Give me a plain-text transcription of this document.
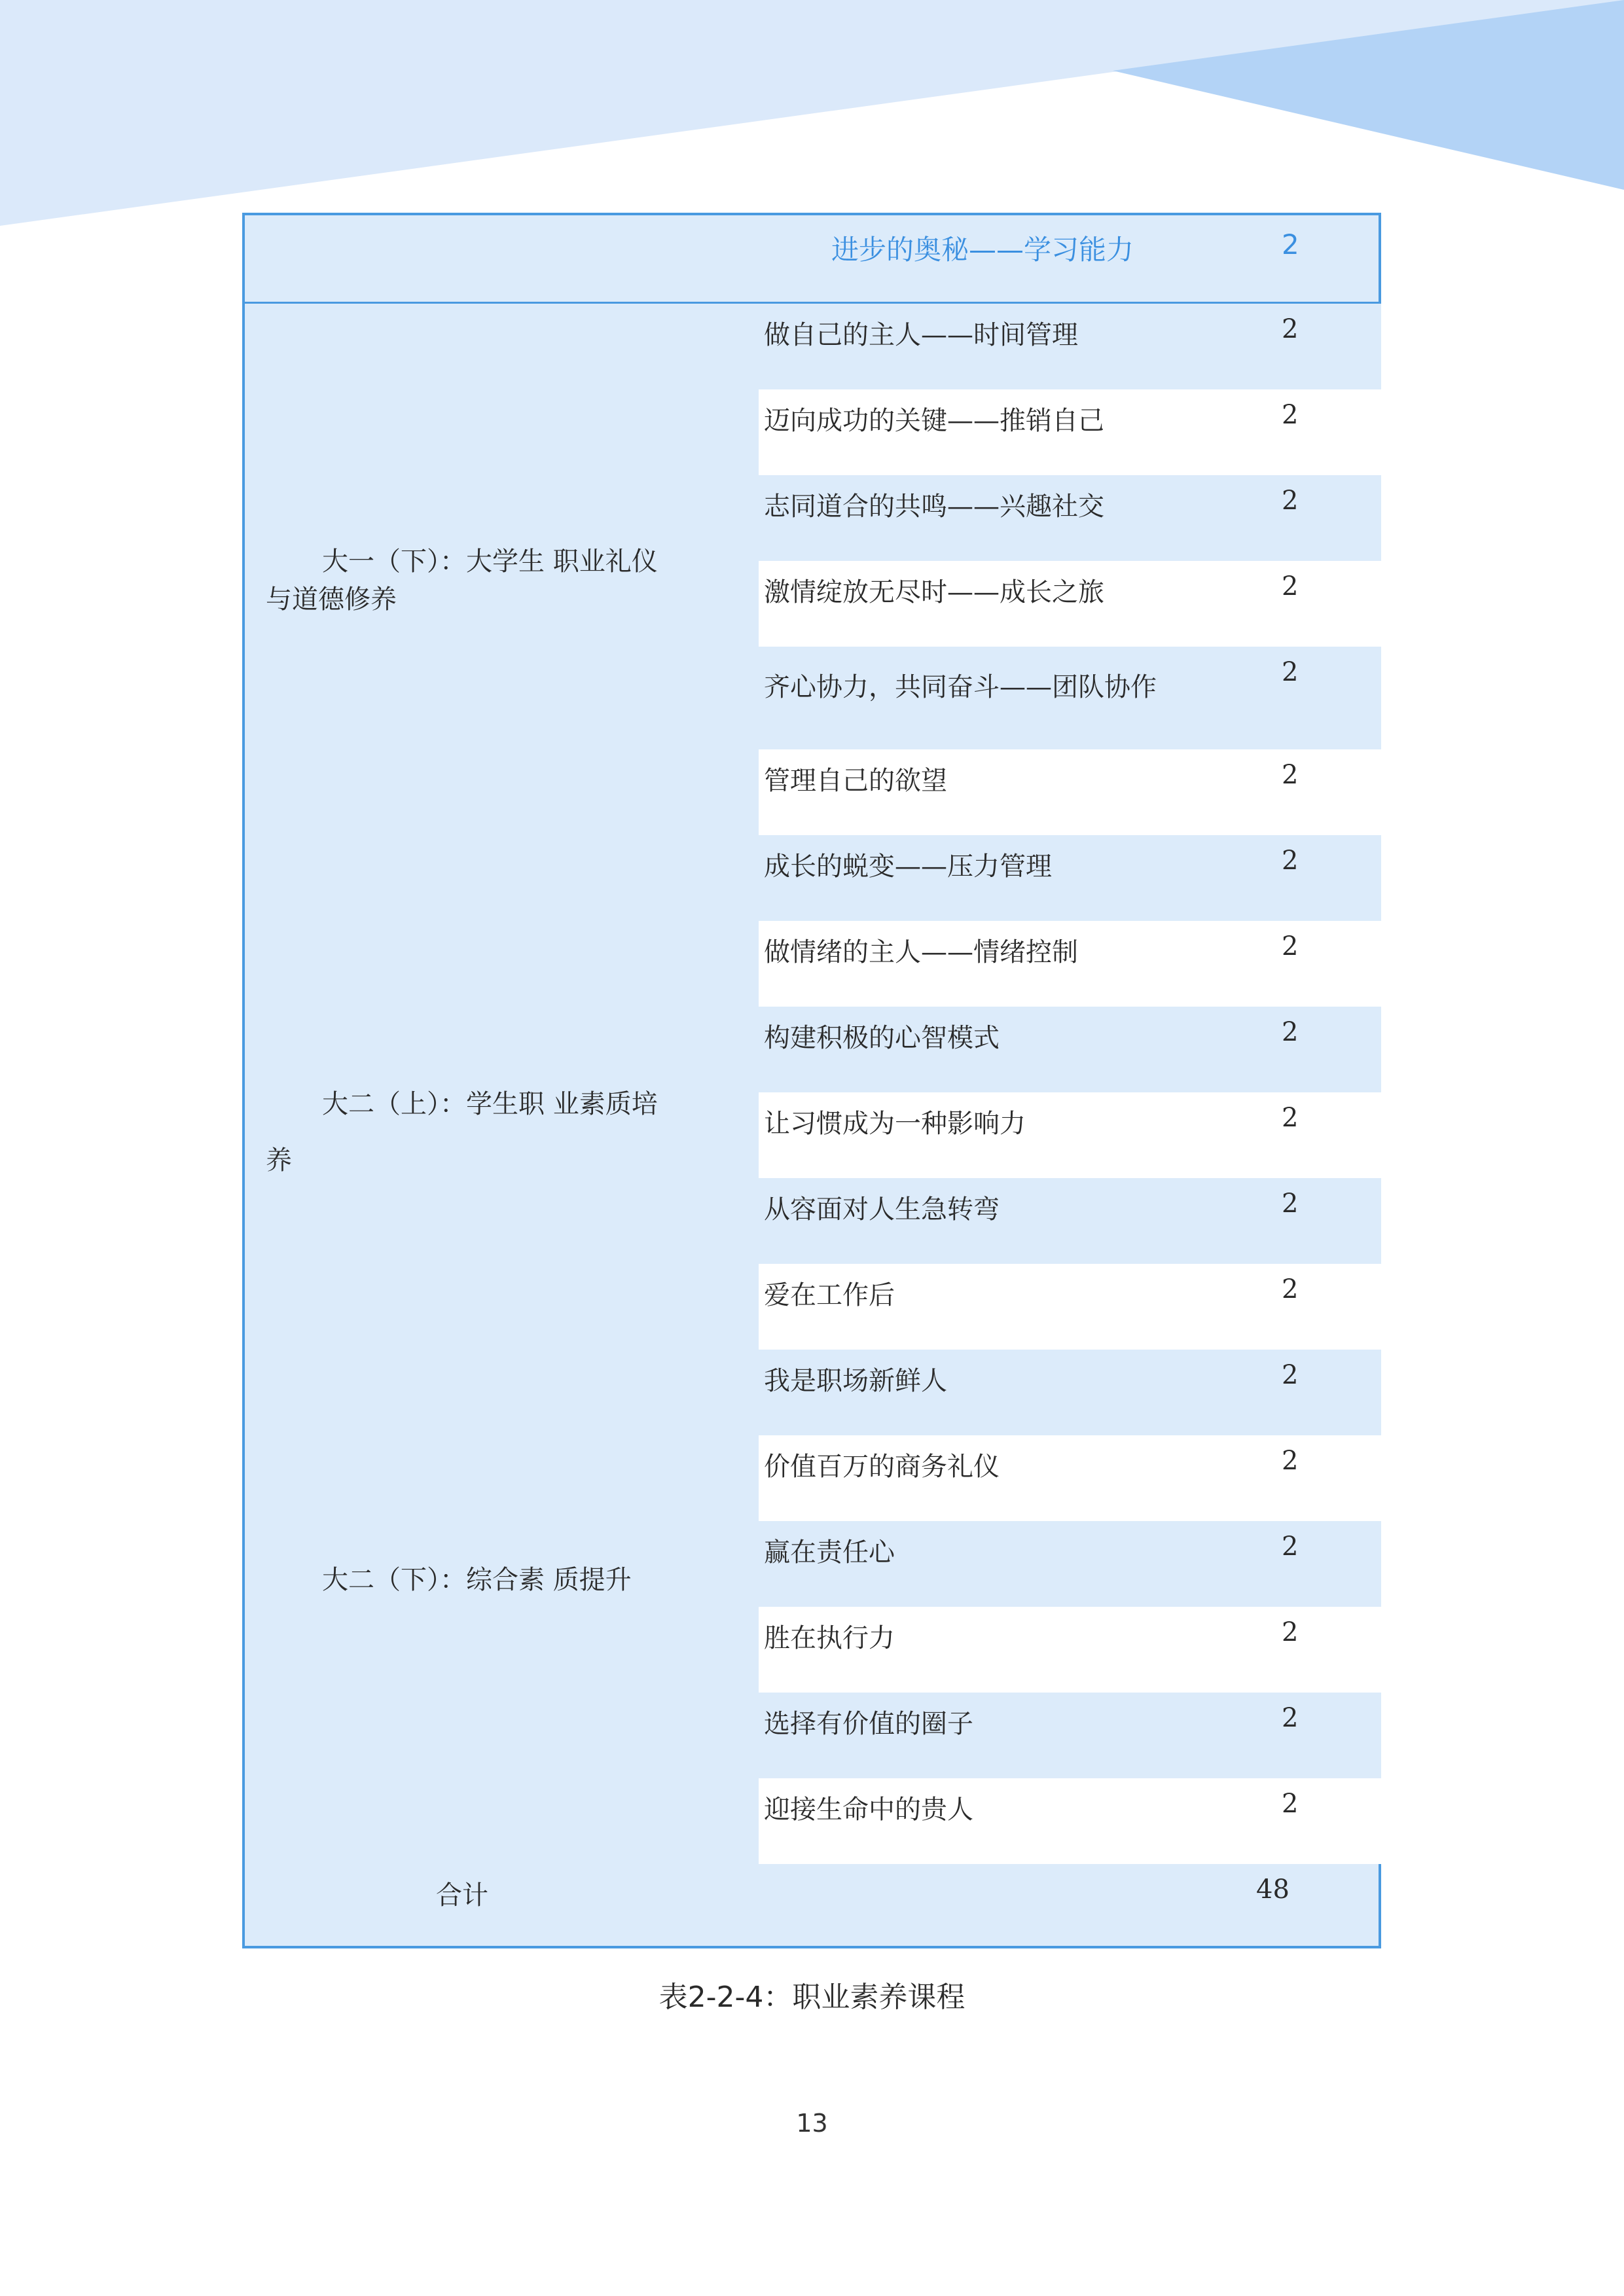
进步的奥秘——学习能力	2
大一（下）：大学生 职业礼仪
与道德修养
大二（上）：学生职 业素质培
养
大二（下）：综合素 质提升
做自己的主人——时间管理	2
迈向成功的关键——推销自己	2
志同道合的共鸣——兴趣社交	2
激情绽放无尽时——成长之旅	2
齐心协力，共同奋斗——团队协作	2
管理自己的欲望	2
成长的蜕变——压力管理	2
做情绪的主人——情绪控制	2
构建积极的心智模式	2
让习惯成为一种影响力	2
从容面对人生急转弯	2
爱在工作后	2
我是职场新鲜人	2
价值百万的商务礼仪	2
赢在责任心	2
胜在执行力	2
选择有价值的圈子	2
迎接生命中的贵人	2
合计	48
表2-2-4：职业素养课程
13
